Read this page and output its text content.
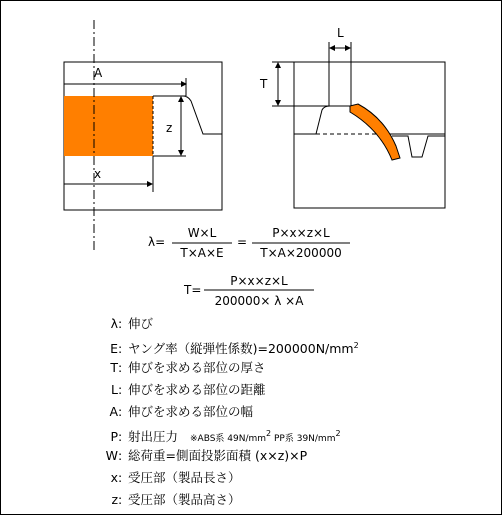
A
z
x
L
T
λ=
W×L
T×A×E
=
P×x×z×L
T×A×200000
T=
P×x×z×L
200000× λ ×A
λ: 伸び
E: ヤング率（縦弾性係数)$=200000N/mm^2$
T: 伸びを求める部位の厚さ
L: 伸びを求める部位の距離
A: 伸びを求める部位の幅
P: 射出圧力 ※ABS系 $49N/mm^2$ PP系 $39N/mm^2$
W: 総荷重=側面投影面積 (x×z)×P
x: 受圧部（製品長さ）
z: 受圧部（製品高さ）
